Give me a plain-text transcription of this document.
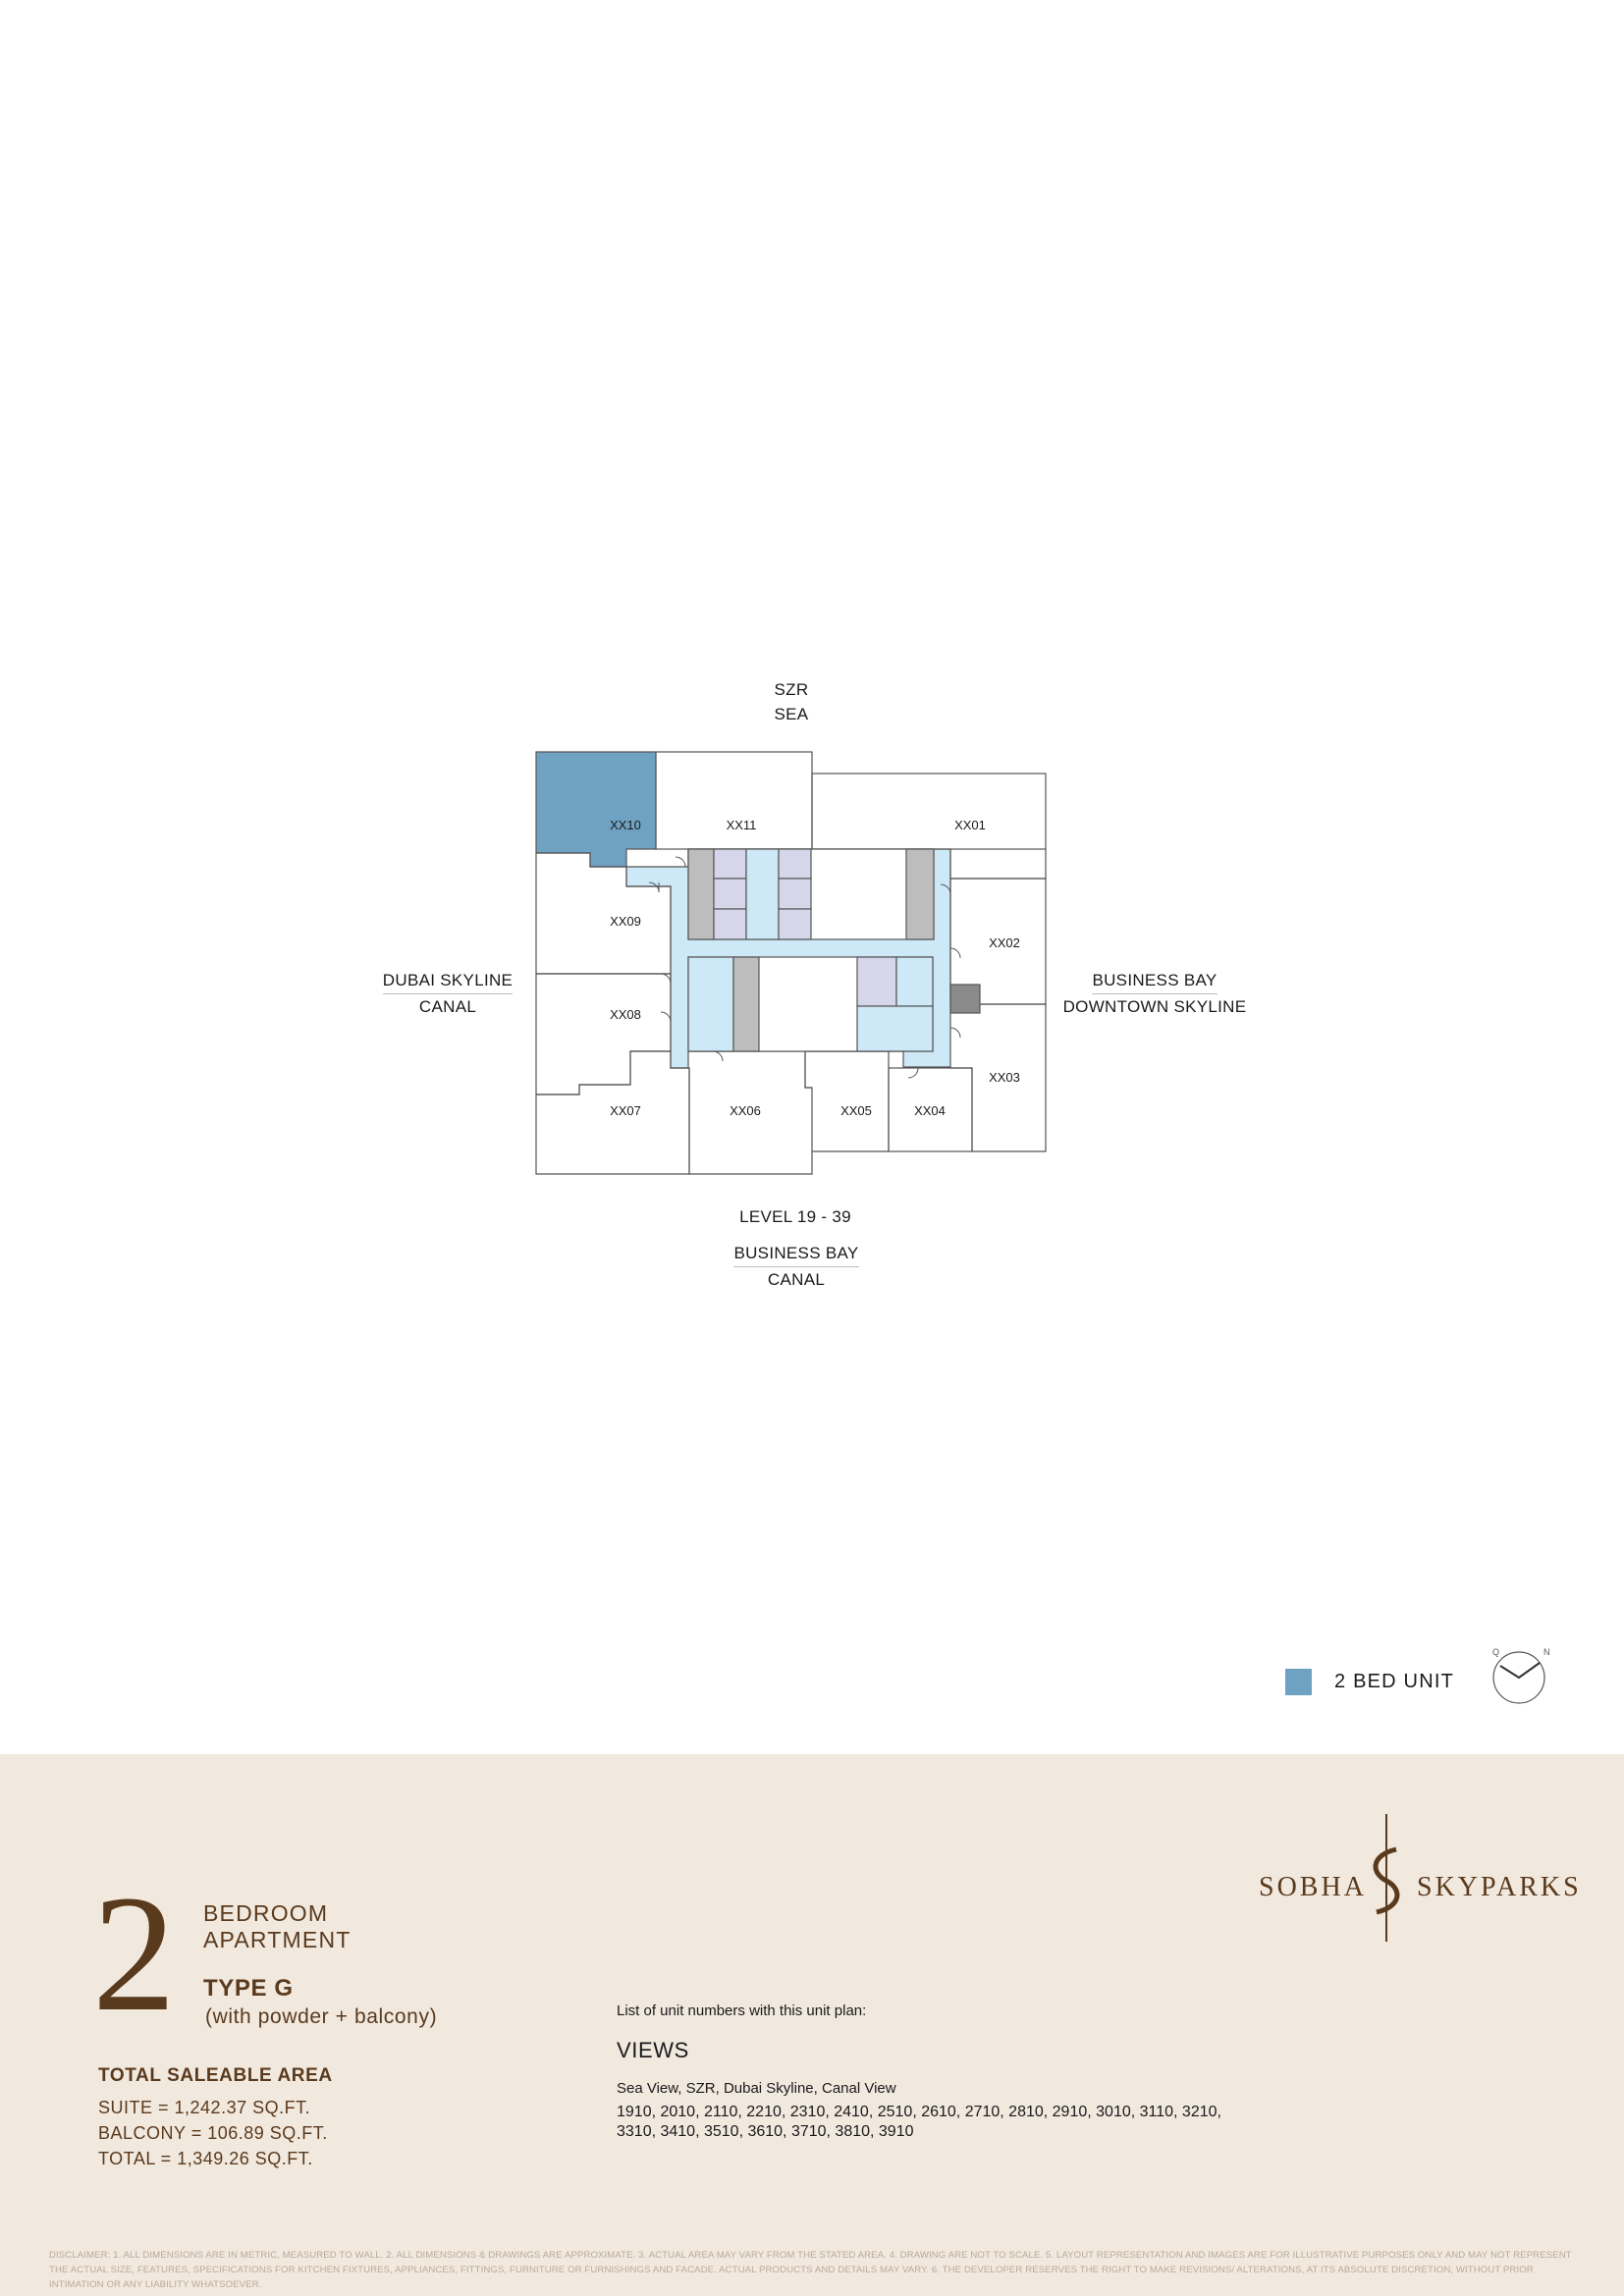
SZR
SEA
DUBAI SKYLINE
CANAL
BUSINESS BAY
DOWNTOWN SKYLINE
LEVEL 19 - 39
BUSINESS BAY
CANAL
XX10	XX11	XX01
XX09
XX02
XX08
XX03
XX07	XX06	XX05	XX04
2 BED UNIT
Q	N
2 BEDROOM
APARTMENT
TYPE G
(with powder + balcony)
TOTAL SALEABLE AREA
SUITE = 1,242.37 SQ.FT.
BALCONY = 106.89 SQ.FT.
TOTAL = 1,349.26 SQ.FT.
List of unit numbers with this unit plan:
VIEWS
Sea View, SZR, Dubai Skyline, Canal View
1910, 2010, 2110, 2210, 2310, 2410, 2510, 2610, 2710, 2810, 2910, 3010, 3110, 3210, 3310, 3410, 3510, 3610, 3710, 3810, 3910
SOBHA SKYPARKS
DISCLAIMER: 1. ALL DIMENSIONS ARE IN METRIC, MEASURED TO WALL. 2. ALL DIMENSIONS & DRAWINGS ARE APPROXIMATE. 3. ACTUAL AREA MAY VARY FROM THE STATED AREA. 4. DRAWING ARE NOT TO SCALE. 5. LAYOUT REPRESENTATION AND IMAGES ARE FOR ILLUSTRATIVE PURPOSES ONLY AND MAY NOT REPRESENT THE ACTUAL SIZE, FEATURES, SPECIFICATIONS FOR KITCHEN FIXTURES, APPLIANCES, FITTINGS, FURNITURE OR FURNISHINGS AND FACADE. ACTUAL PRODUCTS AND DETAILS MAY VARY. 6. THE DEVELOPER RESERVES THE RIGHT TO MAKE REVISIONS/ ALTERATIONS, AT ITS ABSOLUTE DISCRETION, WITHOUT PRIOR INTIMATION OR ANY LIABILITY WHATSOEVER.
